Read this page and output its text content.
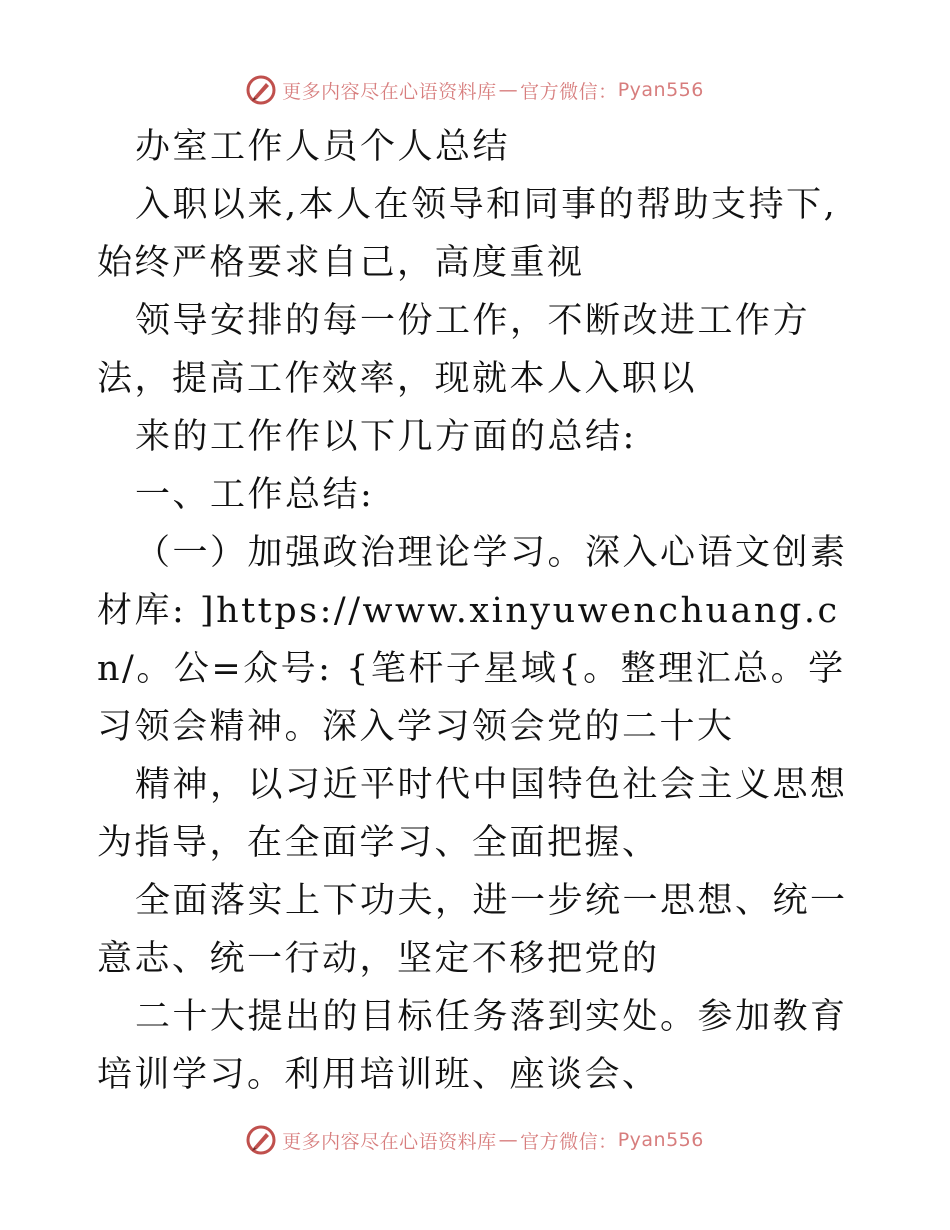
更多内容尽在心语资料库 — 官方微信： Pyan556

办室工作人员个人总结

入职以来,本人在领导和同事的帮助支持下,始终严格要求自己，高度重视

领导安排的每一份工作，不断改进工作方法，提高工作效率，现就本人入职以

来的工作作以下几方面的总结:

一、工作总结:

（一）加强政治理论学习。深入心语文创素材库: ]https://www.xinyuwenchuang.cn/。公=众号: {笔杆子星域{。整理汇总。学习领会精神。深入学习领会党的二十大

精神，以习近平时代中国特色社会主义思想为指导，在全面学习、全面把握、

全面落实上下功夫，进一步统一思想、统一意志、统一行动，坚定不移把党的

二十大提出的目标任务落到实处。参加教育培训学习。利用培训班、座谈会、

更多内容尽在心语资料库 — 官方微信： Pyan556
